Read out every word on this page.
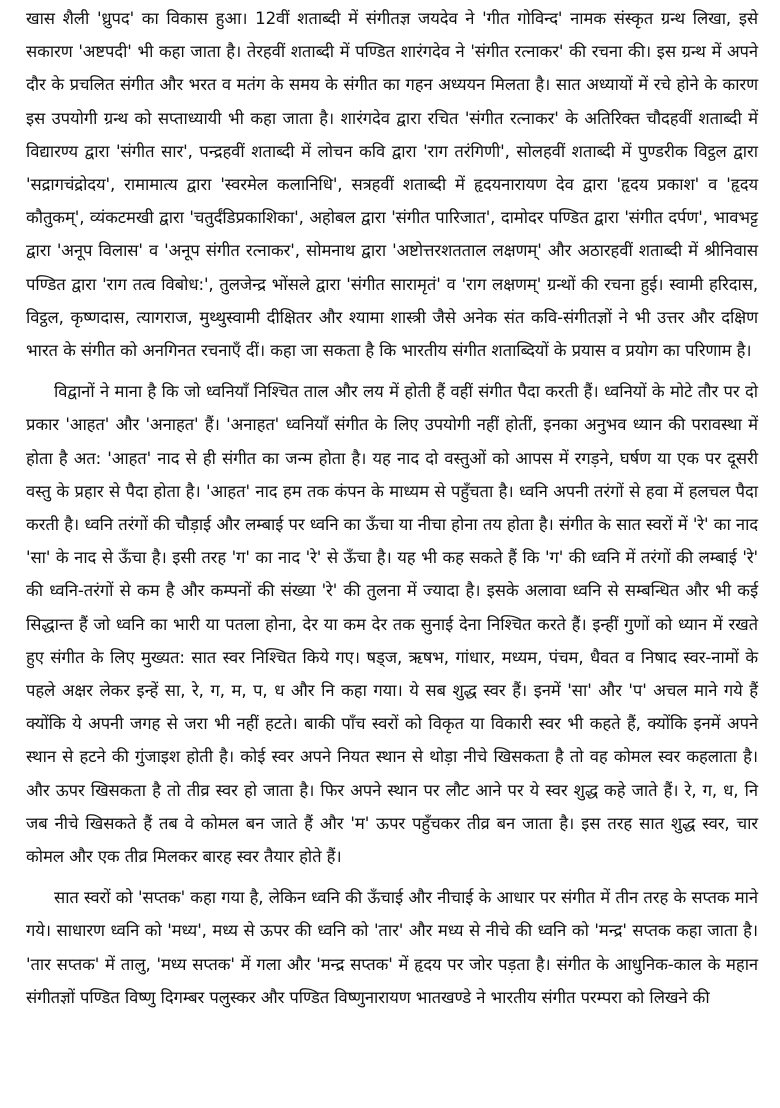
खास शैली 'ध्रुपद' का विकास हुआ। 12वीं शताब्दी में संगीतज्ञ जयदेव ने 'गीत गोविन्द' नामक संस्कृत ग्रन्थ लिखा, इसे सकारण 'अष्टपदी' भी कहा जाता है। तेरहवीं शताब्दी में पण्डित शारंगदेव ने 'संगीत रत्नाकर' की रचना की। इस ग्रन्थ में अपने दौर के प्रचलित संगीत और भरत व मतंग के समय के संगीत का गहन अध्ययन मिलता है। सात अध्यायों में रचे होने के कारण इस उपयोगी ग्रन्थ को सप्ताध्यायी भी कहा जाता है। शारंगदेव द्वारा रचित 'संगीत रत्नाकर' के अतिरिक्त चौदहवीं शताब्दी में विद्यारण्य द्वारा 'संगीत सार', पन्द्रहवीं शताब्दी में लोचन कवि द्वारा 'राग तरंगिणी', सोलहवीं शताब्दी में पुण्डरीक विट्ठल द्वारा 'सद्रागचंद्रोदय', रामामात्य द्वारा 'स्वरमेल कलानिधि', सत्रहवीं शताब्दी में हृदयनारायण देव द्वारा 'हृदय प्रकाश' व 'हृदय कौतुकम्', व्यंकटमखी द्वारा 'चतुर्दंडिप्रकाशिका', अहोबल द्वारा 'संगीत पारिजात', दामोदर पण्डित द्वारा 'संगीत दर्पण', भावभट्ट द्वारा 'अनूप विलास' व 'अनूप संगीत रत्नाकर', सोमनाथ द्वारा 'अष्टोत्तरशतताल लक्षणम्' और अठारहवीं शताब्दी में श्रीनिवास पण्डित द्वारा 'राग तत्व विबोध:', तुलजेन्द्र भोंसले द्वारा 'संगीत सारामृतं' व 'राग लक्षणम्' ग्रन्थों की रचना हुई। स्वामी हरिदास, विट्ठल, कृष्णदास, त्यागराज, मुथ्थुस्वामी दीक्षितर और श्यामा शास्त्री जैसे अनेक संत कवि-संगीतज्ञों ने भी उत्तर और दक्षिण भारत के संगीत को अनगिनत रचनाएँ दीं। कहा जा सकता है कि भारतीय संगीत शताब्दियों के प्रयास व प्रयोग का परिणाम है।

विद्वानों ने माना है कि जो ध्वनियाँ निश्चित ताल और लय में होती हैं वहीं संगीत पैदा करती हैं। ध्वनियों के मोटे तौर पर दो प्रकार 'आहत' और 'अनाहत' हैं। 'अनाहत' ध्वनियाँ संगीत के लिए उपयोगी नहीं होतीं, इनका अनुभव ध्यान की परावस्था में होता है अत: 'आहत' नाद से ही संगीत का जन्म होता है। यह नाद दो वस्तुओं को आपस में रगड़ने, घर्षण या एक पर दूसरी वस्तु के प्रहार से पैदा होता है। 'आहत' नाद हम तक कंपन के माध्यम से पहुँचता है। ध्वनि अपनी तरंगों से हवा में हलचल पैदा करती है। ध्वनि तरंगों की चौड़ाई और लम्बाई पर ध्वनि का ऊँचा या नीचा होना तय होता है। संगीत के सात स्वरों में 'रे' का नाद 'सा' के नाद से ऊँचा है। इसी तरह 'ग' का नाद 'रे' से ऊँचा है। यह भी कह सकते हैं कि 'ग' की ध्वनि में तरंगों की लम्बाई 'रे' की ध्वनि-तरंगों से कम है और कम्पनों की संख्या 'रे' की तुलना में ज्यादा है। इसके अलावा ध्वनि से सम्बन्धित और भी कई सिद्धान्त हैं जो ध्वनि का भारी या पतला होना, देर या कम देर तक सुनाई देना निश्चित करते हैं। इन्हीं गुणों को ध्यान में रखते हुए संगीत के लिए मुख्यत: सात स्वर निश्चित किये गए। षड्ज, ऋषभ, गांधार, मध्यम, पंचम, धैवत व निषाद स्वर-नामों के पहले अक्षर लेकर इन्हें सा, रे, ग, म, प, ध और नि कहा गया। ये सब शुद्ध स्वर हैं। इनमें 'सा' और 'प' अचल माने गये हैं क्योंकि ये अपनी जगह से जरा भी नहीं हटते। बाकी पाँच स्वरों को विकृत या विकारी स्वर भी कहते हैं, क्योंकि इनमें अपने स्थान से हटने की गुंजाइश होती है। कोई स्वर अपने नियत स्थान से थोड़ा नीचे खिसकता है तो वह कोमल स्वर कहलाता है। और ऊपर खिसकता है तो तीव्र स्वर हो जाता है। फिर अपने स्थान पर लौट आने पर ये स्वर शुद्ध कहे जाते हैं। रे, ग, ध, नि जब नीचे खिसकते हैं तब वे कोमल बन जाते हैं और 'म' ऊपर पहुँचकर तीव्र बन जाता है। इस तरह सात शुद्ध स्वर, चार कोमल और एक तीव्र मिलकर बारह स्वर तैयार होते हैं।

सात स्वरों को 'सप्तक' कहा गया है, लेकिन ध्वनि की ऊँचाई और नीचाई के आधार पर संगीत में तीन तरह के सप्तक माने गये। साधारण ध्वनि को 'मध्य', मध्य से ऊपर की ध्वनि को 'तार' और मध्य से नीचे की ध्वनि को 'मन्द्र' सप्तक कहा जाता है। 'तार सप्तक' में तालु, 'मध्य सप्तक' में गला और 'मन्द्र सप्तक' में हृदय पर जोर पड़ता है। संगीत के आधुनिक-काल के महान संगीतज्ञों पण्डित विष्णु दिगम्बर पलुस्कर और पण्डित विष्णुनारायण भातखण्डे ने भारतीय संगीत परम्परा को लिखने की
